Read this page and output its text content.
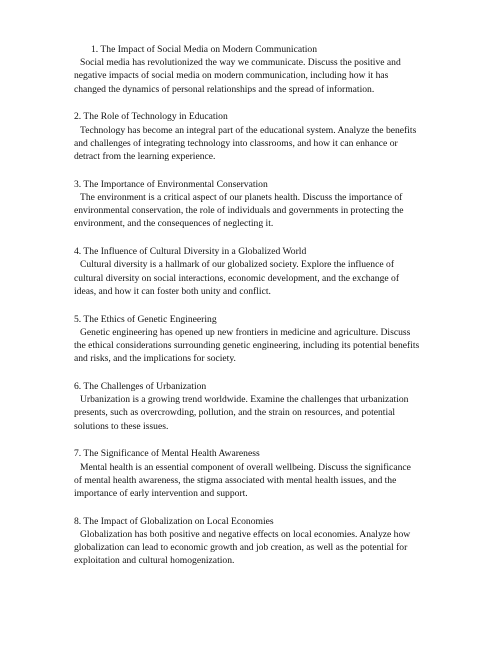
1. The Impact of Social Media on Modern Communication
Social media has revolutionized the way we communicate. Discuss the positive and
negative impacts of social media on modern communication, including how it has
changed the dynamics of personal relationships and the spread of information.
2. The Role of Technology in Education
Technology has become an integral part of the educational system. Analyze the benefits
and challenges of integrating technology into classrooms, and how it can enhance or
detract from the learning experience.
3. The Importance of Environmental Conservation
The environment is a critical aspect of our planets health. Discuss the importance of
environmental conservation, the role of individuals and governments in protecting the
environment, and the consequences of neglecting it.
4. The Influence of Cultural Diversity in a Globalized World
Cultural diversity is a hallmark of our globalized society. Explore the influence of
cultural diversity on social interactions, economic development, and the exchange of
ideas, and how it can foster both unity and conflict.
5. The Ethics of Genetic Engineering
Genetic engineering has opened up new frontiers in medicine and agriculture. Discuss
the ethical considerations surrounding genetic engineering, including its potential benefits
and risks, and the implications for society.
6. The Challenges of Urbanization
Urbanization is a growing trend worldwide. Examine the challenges that urbanization
presents, such as overcrowding, pollution, and the strain on resources, and potential
solutions to these issues.
7. The Significance of Mental Health Awareness
Mental health is an essential component of overall wellbeing. Discuss the significance
of mental health awareness, the stigma associated with mental health issues, and the
importance of early intervention and support.
8. The Impact of Globalization on Local Economies
Globalization has both positive and negative effects on local economies. Analyze how
globalization can lead to economic growth and job creation, as well as the potential for
exploitation and cultural homogenization.
